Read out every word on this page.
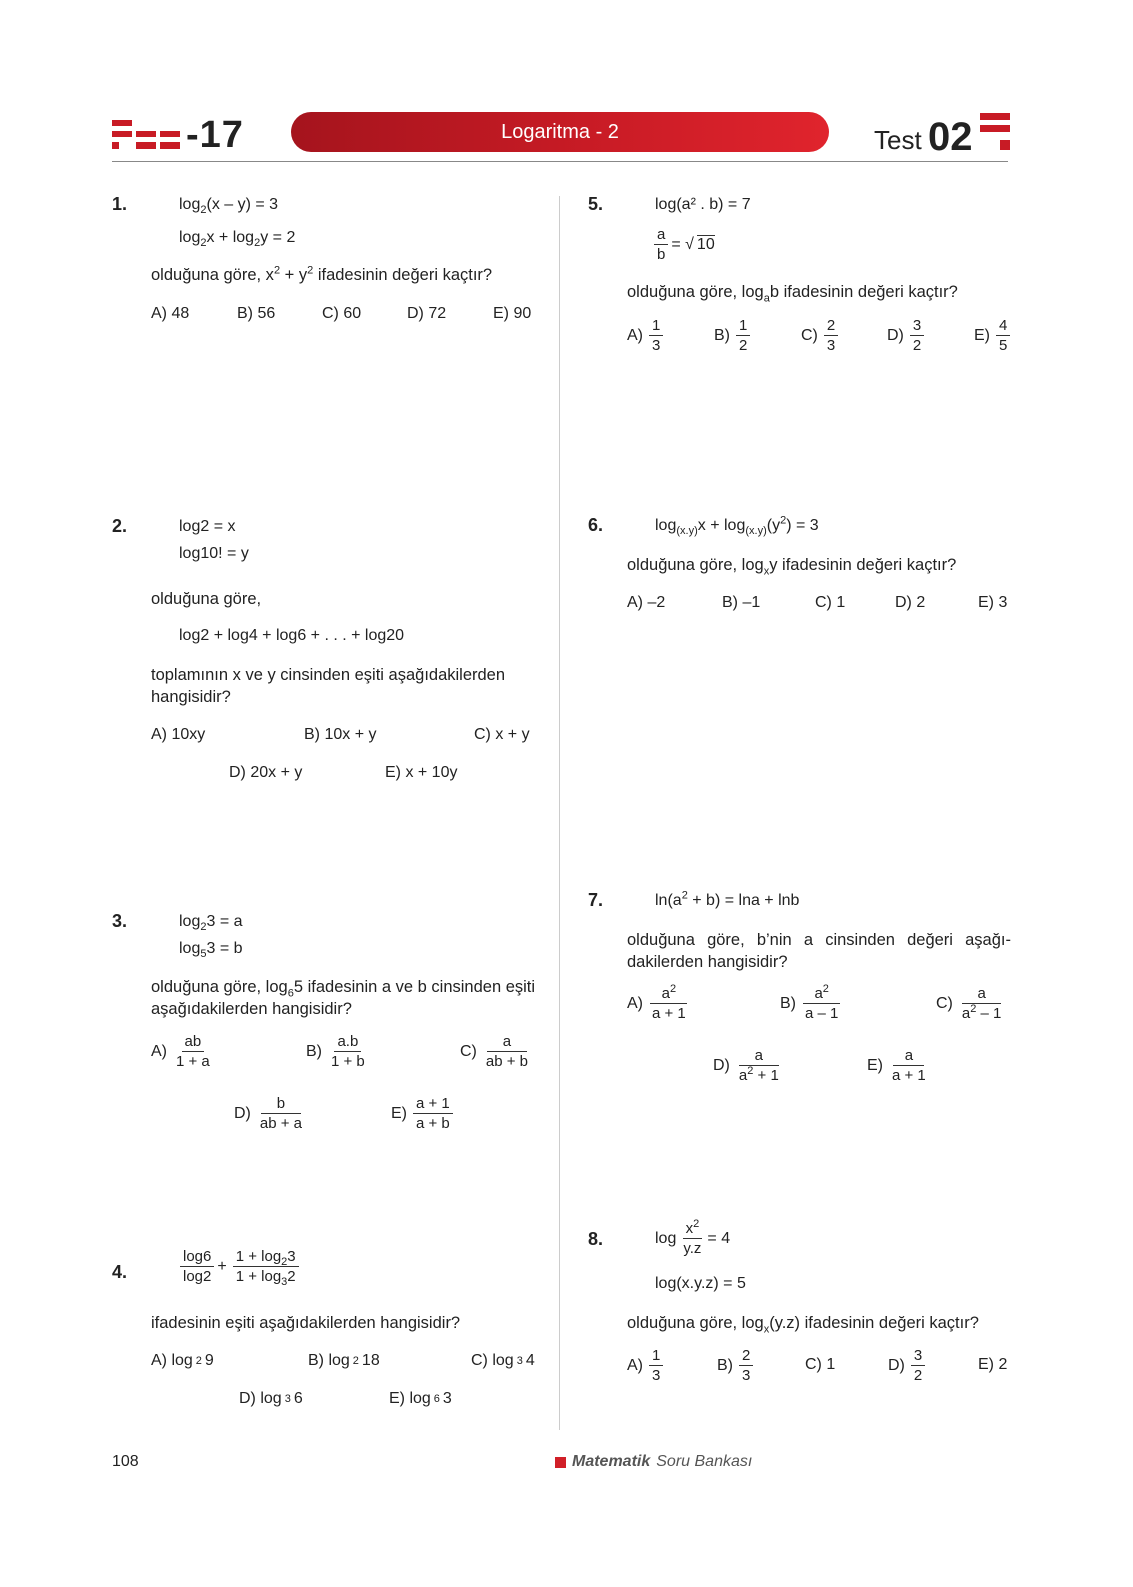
-17	Logaritma - 2	Test 02
1.	$\log_2(x - y) = 3$
$\log_2x + \log_2y = 2$
olduğuna göre, $x^2 + y^2$ ifadesinin değeri kaçtır?
A) 48	B) 56	C) 60	D) 72	E) 90
2.	log2 = x
log10! = y
olduğuna göre,
log2 + log4 + log6 + . . . + log20
toplamının x ve y cinsinden eşiti aşağıdakilerden hangisidir?
A) 10xy	B) 10x + y	C) x + y
D) 20x + y	E) x + 10y
3.	$\log_23 = a$
$\log_53 = b$
olduğuna göre, $\log_65$ ifadesinin a ve b cinsinden eşiti aşağıdakilerden hangisidir?
$A) \frac{ab}{1 + a}$	$B) \frac{a.b}{1 + b}$	$C) \frac{a}{ab + b}$
$D) \frac{b}{ab + a}$	$E) \frac{a + 1}{a + b}$
4.	$\frac{\log 6}{\log 2} + \frac{1 + \log_23}{1 + \log_32}$
ifadesinin eşiti aşağıdakilerden hangisidir?
A) log 2 9	B) log 2 18	C) log 3 4
D) log 3 6	E) log 6 3
5.	log(a² . b) = 7
$\frac{a}{b}$ = √ 10
olduğuna göre, $\log_ab$ ifadesinin değeri kaçtır?
$A) \frac{1}{3}$	$B) \frac{1}{2}$	$C) \frac{2}{3}$	$D) \frac{3}{2}$	$E) \frac{4}{5}$
6.	$\log_{(x.y)}x + \log_{(x.y)}(y^2) = 3$
olduğuna göre, $\log_xy$ ifadesinin değeri kaçtır?
A) –2	B) –1	C) 1	D) 2	E) 3
7.	$\ln(a^2 + b) = \ln a + \ln b$
olduğuna göre, b’nin a cinsinden değeri aşağı-dakilerden hangisidir?
$A) \frac{a^2}{a + 1}$	$B) \frac{a^2}{a - 1}$	$C) \frac{a}{a^2 - 1}$
$D) \frac{a}{a^2 + 1}$	$E) \frac{a}{a + 1}$
8.	$\log \frac{x^2}{y.z} = 4$
log(x.y.z) = 5
olduğuna göre, $\log_x(y.z)$ ifadesinin değeri kaçtır?
$A) \frac{1}{3}$	$B) \frac{2}{3}$	C) 1	$D) \frac{3}{2}$	E) 2
108	Matematik Soru Bankası
